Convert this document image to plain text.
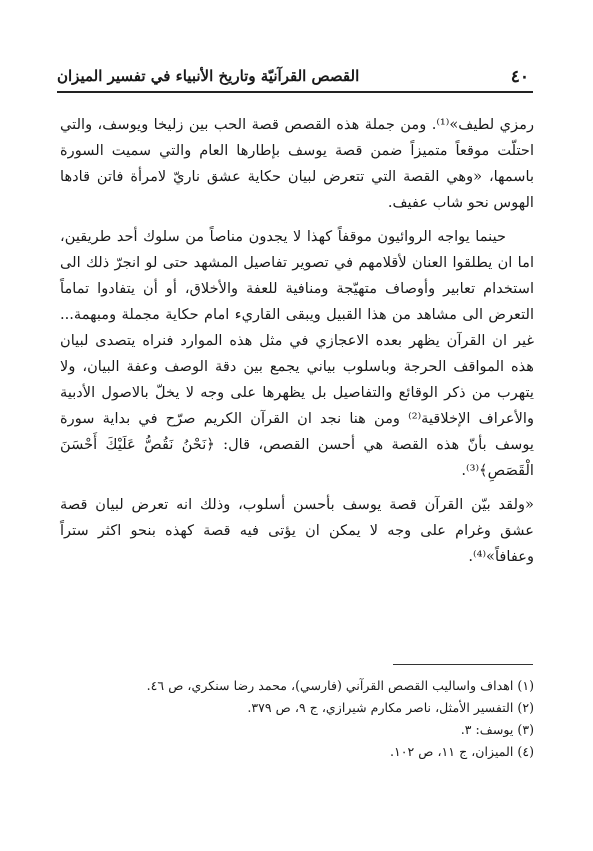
٤٠
القصص القرآنيّة وتاريخ الأنبياء في تفسير الميزان

رمزي لطيف»⁽¹⁾. ومن جملة هذه القصص قصة الحب بين زليخا ويوسف، والتي احتلّت موقعاً متميزاً ضمن قصة يوسف بإطارها العام والتي سميت السورة باسمها، «وهي القصة التي تتعرض لبيان حكاية عشق ناريّ لامرأة فاتن قادها الهوس نحو شاب عفيف.

حينما يواجه الروائيون موقفاً كهذا لا يجدون مناصاً من سلوك أحد طريقين، اما ان يطلقوا العنان لأقلامهم في تصوير تفاصيل المشهد حتى لو انجرّ ذلك الى استخدام تعابير وأوصاف متهيّجة ومنافية للعفة والأخلاق، أو أن يتفادوا تماماً التعرض الى مشاهد من هذا القبيل ويبقى القاريء امام حكاية مجملة ومبهمة... غير ان القرآن يظهر بعده الاعجازي في مثل هذه الموارد فنراه يتصدى لبيان هذه المواقف الحرجة وباسلوب بياني يجمع بين دقة الوصف وعفة البيان، ولا يتهرب من ذكر الوقائع والتفاصيل بل يظهرها على وجه لا يخلّ بالاصول الأدبية والأعراف الإخلاقية⁽²⁾ ومن هنا نجد ان القرآن الكريم صرّح في بداية سورة يوسف بأنّ هذه القصة هي أحسن القصص، قال: ﴿نَحْنُ نَقُصُّ عَلَيْكَ أَحْسَنَ الْقَصَصِ﴾⁽³⁾.

«ولقد بيّن القرآن قصة يوسف بأحسن أسلوب، وذلك انه تعرض لبيان قصة عشق وغرام على وجه لا يمكن ان يؤتى فيه قصة كهذه بنحو اكثر ستراً وعفافاً»⁽⁴⁾.

(١) اهداف واساليب القصص القرآني (فارسي)، محمد رضا سنكري، ص ٤٦.

(٢) التفسير الأمثل، ناصر مكارم شيرازي، ج ٩، ص ٣٧٩.

(٣) يوسف: ٣.

(٤) الميزان، ج ١١، ص ١٠٢.
